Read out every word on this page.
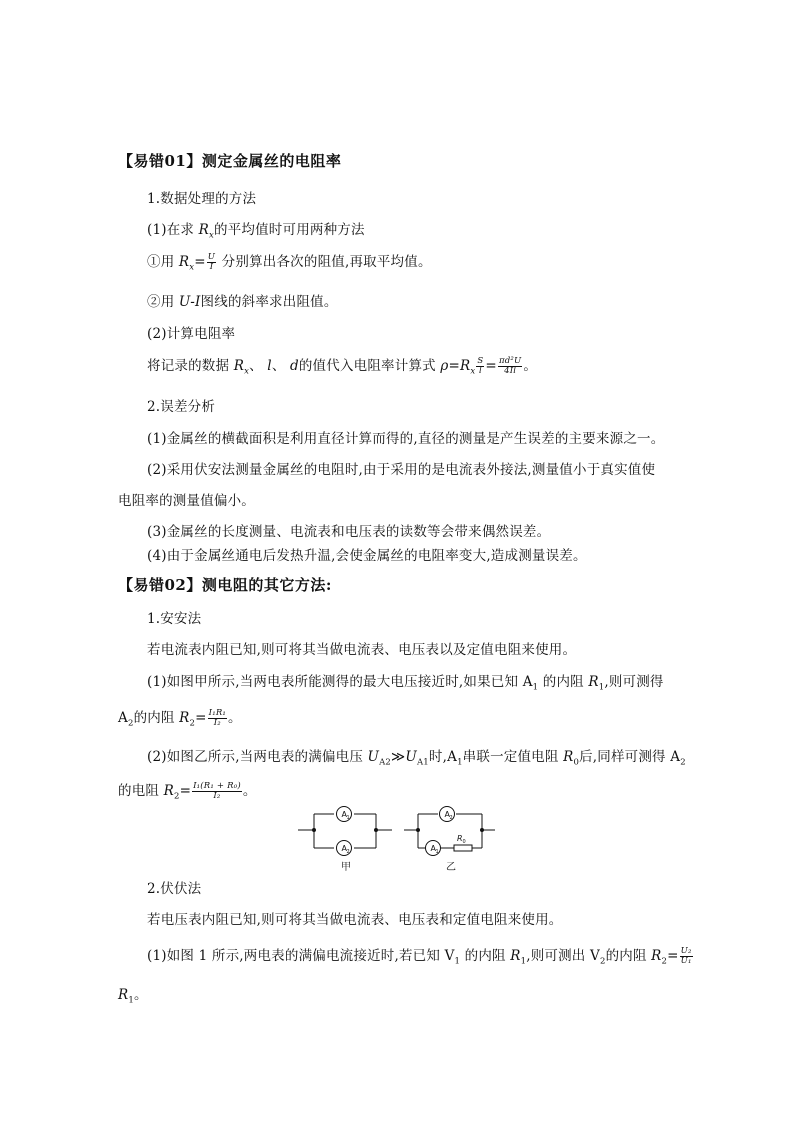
【易错01】测定金属丝的电阻率
1.数据处理的方法
(1)在求 $R_x$的平均值时可用两种方法
①用 $R_x= \frac{U}{I}$ 分别算出各次的阻值,再取平均值。
②用 U-I图线的斜率求出阻值。
(2)计算电阻率
将记录的数据 $R_x$、 l、 d的值代入电阻率计算式 $\rho=R_x \frac{S}{l} = \frac{\text{πd²U}}{4Il}$ 。
2.误差分析
(1)金属丝的横截面积是利用直径计算而得的,直径的测量是产生误差的主要来源之一。
(2)采用伏安法测量金属丝的电阻时,由于采用的是电流表外接法,测量值小于真实值使
电阻率的测量值偏小。
(3)金属丝的长度测量、电流表和电压表的读数等会带来偶然误差。
(4)由于金属丝通电后发热升温,会使金属丝的电阻率变大,造成测量误差。
【易错02】测电阻的其它方法:
1.安安法
若电流表内阻已知,则可将其当做电流表、电压表以及定值电阻来使用。
(1)如图甲所示,当两电表所能测得的最大电压接近时,如果已知 $A_1$ 的内阻 $R_1$,则可测得
$A_2$的内阻 $R_2= \frac{\text{I₁R₁}}{\text{I₂}}$ 。
(2)如图乙所示,当两电表的满偏电压 $U_{A2}≫U_{A1}$时$,A_1$串联一定值电阻 $R_0$后,同样可测得 $A_2$
的电阻 $R_2= \frac{\text{I₁(R₁ + R₀)}}{\text{I₂}}$ 。
A 1
A 2
甲
A 2
A 1
R 0
乙
2.伏伏法
若电压表内阻已知,则可将其当做电流表、电压表和定值电阻来使用。
(1)如图 1 所示,两电表的满偏电流接近时,若已知 $V_1$ 的内阻 $R_1$,则可测出 $V_2$的内阻 $R_2= \frac{\text{U₂}}{\text{U₁}}$
$R_1$。
